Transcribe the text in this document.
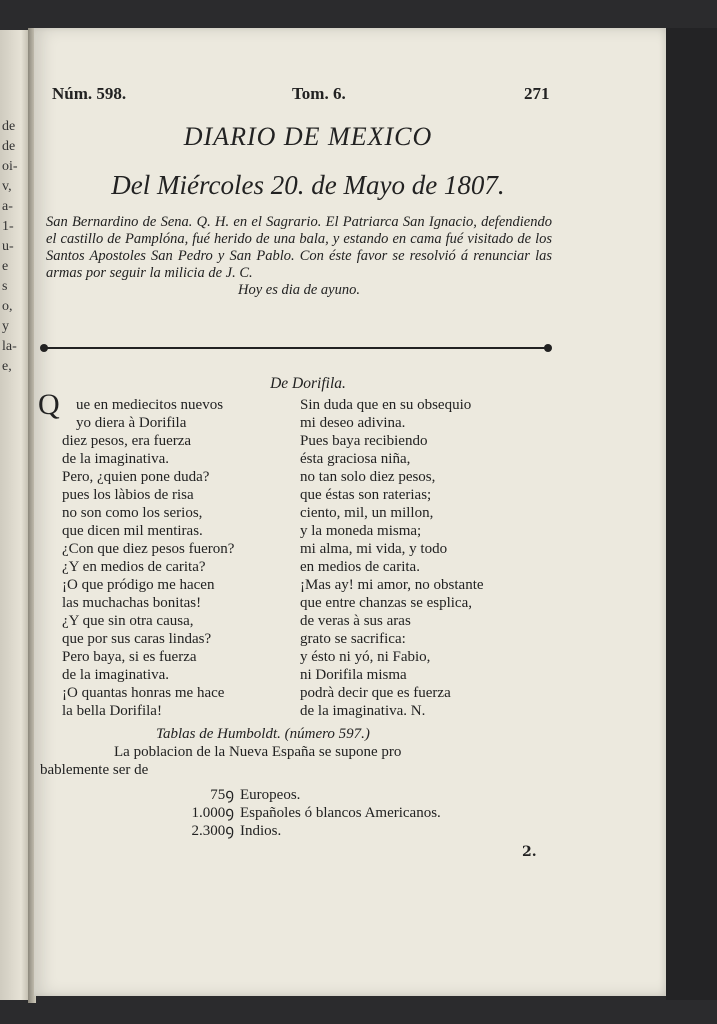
de
de
oi-
v,
a-
1-
u-
e
s
o,
y
la-
e,
Núm. 598.	Tom. 6.	271
DIARIO DE MEXICO
Del Miércoles 20. de Mayo de 1807.
San Bernardino de Sena. Q. H. en el Sagrario. El Patriarca San Ignacio, defendiendo el castillo de Pamplóna, fué herido de una bala, y estando en cama fué visitado de los Santos Apostoles San Pedro y San Pablo. Con éste favor se resolvió á renunciar las armas por seguir la milicia de J. C.
Hoy es dia de ayuno.
De Dorifila.
Q	ue en mediecitos nuevos
yo diera à Dorifila
diez pesos, era fuerza
de la imaginativa.
Pero, ¿quien pone duda?
pues los làbios de risa
no son como los serios,
que dicen mil mentiras.
¿Con que diez pesos fueron?
¿Y en medios de carita?
¡O que pródigo me hacen
las muchachas bonitas!
¿Y que sin otra causa,
que por sus caras lindas?
Pero baya, si es fuerza
de la imaginativa.
¡O quantas honras me hace
la bella Dorifila!
Sin duda que en su obsequio
mi deseo adivina.
Pues baya recibiendo
ésta graciosa niña,
no tan solo diez pesos,
que éstas son raterias;
ciento, mil, un millon,
y la moneda misma;
mi alma, mi vida, y todo
en medios de carita.
¡Mas ay! mi amor, no obstante
que entre chanzas se esplica,
de veras à sus aras
grato se sacrifica:
y ésto ni yó, ni Fabio,
ni Dorifila misma
podrà decir que es fuerza
de la imaginativa. N.
Tablas de Humboldt. (número 597.)
La poblacion de la Nueva España se supone pro
bablemente ser de
75ꝯ Europeos.
1.000ꝯ Españoles ó blancos Americanos.
2.300ꝯ Indios.
2.
